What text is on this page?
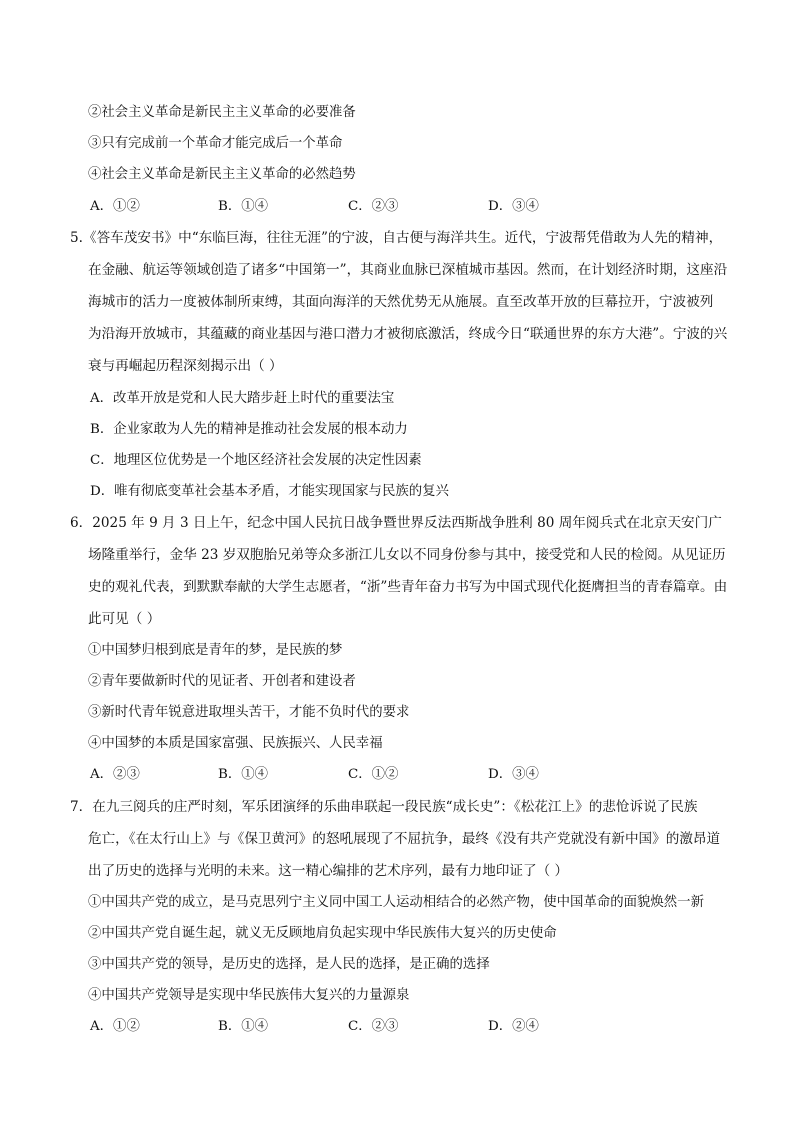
②社会主义革命是新民主主义革命的必要准备
③只有完成前一个革命才能完成后一个革命
④社会主义革命是新民主主义革命的必然趋势
A．①②	B．①④	C．②③	D．③④
5.《答车茂安书》中“东临巨海，往往无涯”的宁波，自古便与海洋共生。近代，宁波帮凭借敢为人先的精神，
在金融、航运等领域创造了诸多“中国第一”，其商业血脉已深植城市基因。然而，在计划经济时期，这座沿
海城市的活力一度被体制所束缚，其面向海洋的天然优势无从施展。直至改革开放的巨幕拉开，宁波被列
为沿海开放城市，其蕴藏的商业基因与港口潜力才被彻底激活，终成今日“联通世界的东方大港”。宁波的兴
衰与再崛起历程深刻揭示出（ ）
A．改革开放是党和人民大踏步赶上时代的重要法宝
B．企业家敢为人先的精神是推动社会发展的根本动力
C．地理区位优势是一个地区经济社会发展的决定性因素
D．唯有彻底变革社会基本矛盾，才能实现国家与民族的复兴
6．2025 年 9 月 3 日上午，纪念中国人民抗日战争暨世界反法西斯战争胜利 80 周年阅兵式在北京天安门广
场隆重举行，金华 23 岁双胞胎兄弟等众多浙江儿女以不同身份参与其中，接受党和人民的检阅。从见证历
史的观礼代表，到默默奉献的大学生志愿者，“浙”些青年奋力书写为中国式现代化挺膺担当的青春篇章。由
此可见（ ）
①中国梦归根到底是青年的梦，是民族的梦
②青年要做新时代的见证者、开创者和建设者
③新时代青年锐意进取埋头苦干，才能不负时代的要求
④中国梦的本质是国家富强、民族振兴、人民幸福
A．②③	B．①④	C．①②	D．③④
7．在九三阅兵的庄严时刻，军乐团演绎的乐曲串联起一段民族“成长史”：《松花江上》的悲怆诉说了民族
危亡，《在太行山上》与《保卫黄河》的怒吼展现了不屈抗争，最终《没有共产党就没有新中国》的激昂道
出了历史的选择与光明的未来。这一精心编排的艺术序列，最有力地印证了（ ）
①中国共产党的成立，是马克思列宁主义同中国工人运动相结合的必然产物，使中国革命的面貌焕然一新
②中国共产党自诞生起，就义无反顾地肩负起实现中华民族伟大复兴的历史使命
③中国共产党的领导，是历史的选择，是人民的选择，是正确的选择
④中国共产党领导是实现中华民族伟大复兴的力量源泉
A．①②	B．①④	C．②③	D．②④
